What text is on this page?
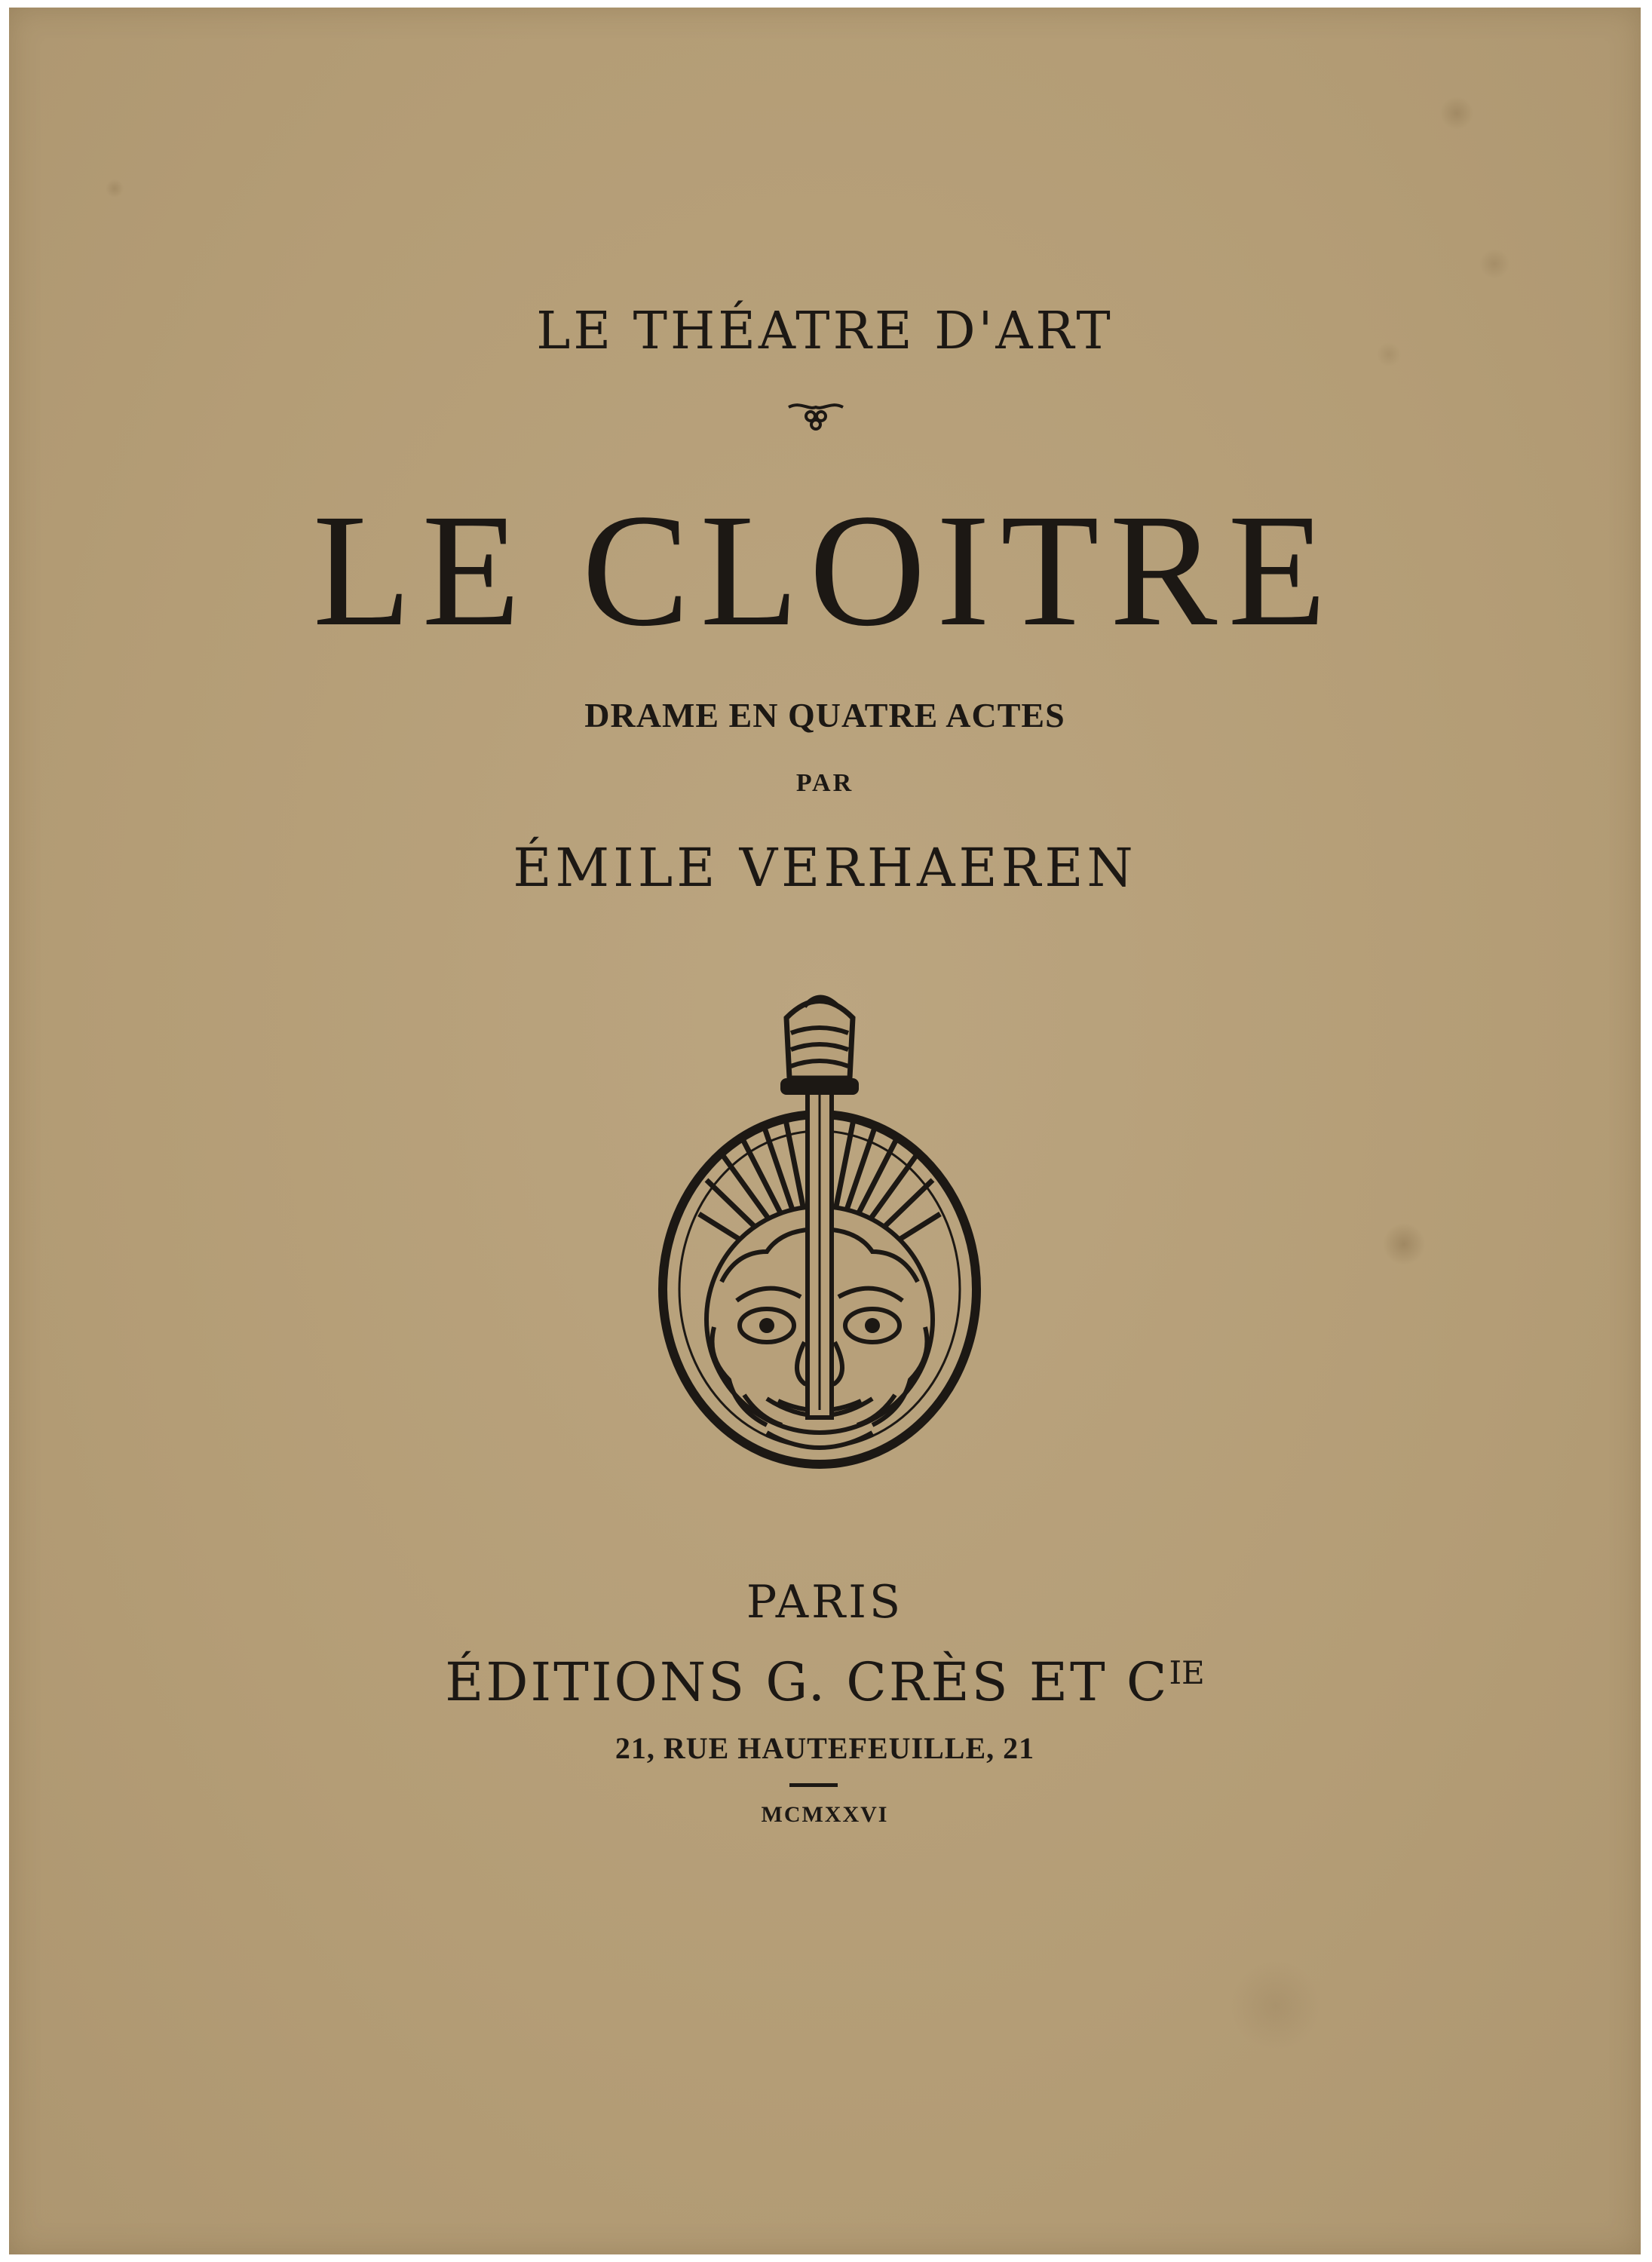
LE THÉATRE D'ART
LE CLOITRE
DRAME EN QUATRE ACTES
PAR
ÉMILE VERHAEREN
PARIS
ÉDITIONS G. CRÈS ET $C^{IE}$
21, RUE HAUTEFEUILLE, 21
MCMXXVI
